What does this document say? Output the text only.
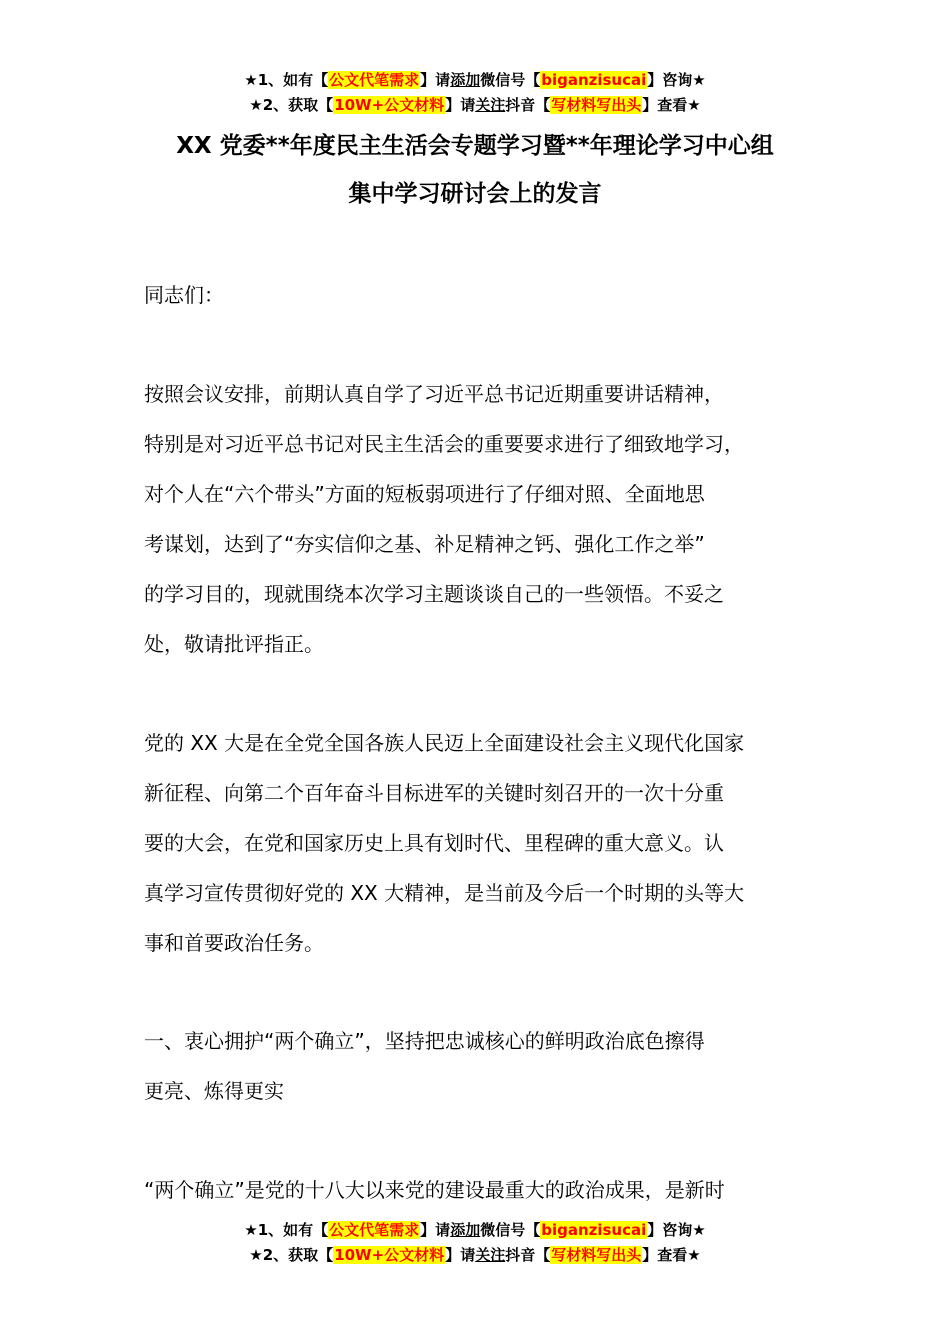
★1、如有【公文代笔需求】请添加微信号【biganzisucai】咨询★
★2、获取【10W+公文材料】请关注抖音【写材料写出头】查看★
XX 党委**年度民主生活会专题学习暨**年理论学习中心组
集中学习研讨会上的发言
同志们：
按照会议安排，前期认真自学了习近平总书记近期重要讲话精神，
特别是对习近平总书记对民主生活会的重要要求进行了细致地学习，
对个人在“六个带头”方面的短板弱项进行了仔细对照、全面地思
考谋划，达到了“夯实信仰之基、补足精神之钙、强化工作之举”
的学习目的，现就围绕本次学习主题谈谈自己的一些领悟。不妥之
处，敬请批评指正。
党的 XX 大是在全党全国各族人民迈上全面建设社会主义现代化国家
新征程、向第二个百年奋斗目标进军的关键时刻召开的一次十分重
要的大会，在党和国家历史上具有划时代、里程碑的重大意义。认
真学习宣传贯彻好党的 XX 大精神，是当前及今后一个时期的头等大
事和首要政治任务。
一、衷心拥护“两个确立”，坚持把忠诚核心的鲜明政治底色擦得
更亮、炼得更实
“两个确立”是党的十八大以来党的建设最重大的政治成果，是新时
★1、如有【公文代笔需求】请添加微信号【biganzisucai】咨询★
★2、获取【10W+公文材料】请关注抖音【写材料写出头】查看★
